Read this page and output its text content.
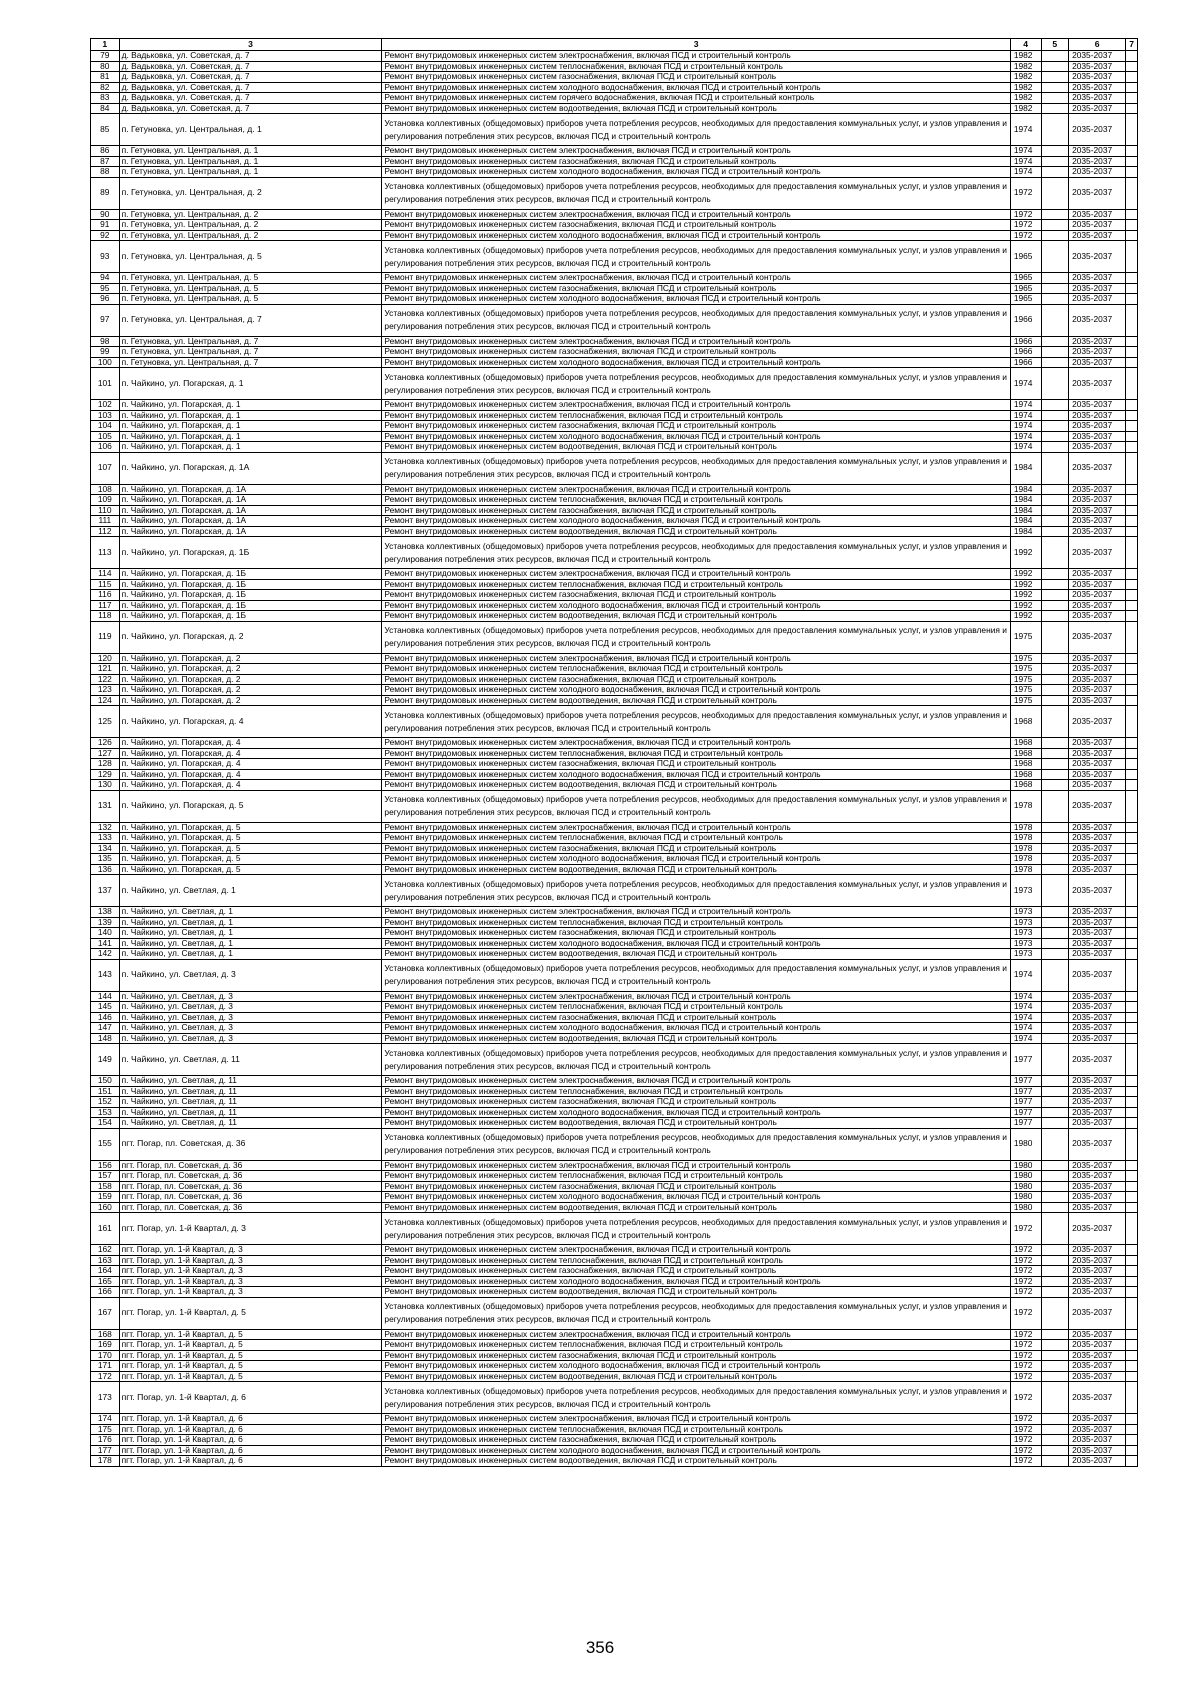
1	3	3	4	5	6	7
79	д. Вадьковка, ул. Советская, д. 7	Ремонт внутридомовых инженерных систем электроснабжения, включая ПСД и строительный контроль	1982		2035-2037	
80	д. Вадьковка, ул. Советская, д. 7	Ремонт внутридомовых инженерных систем теплоснабжения, включая ПСД и строительный контроль	1982		2035-2037	
81	д. Вадьковка, ул. Советская, д. 7	Ремонт внутридомовых инженерных систем газоснабжения, включая ПСД и строительный контроль	1982		2035-2037	
82	д. Вадьковка, ул. Советская, д. 7	Ремонт внутридомовых инженерных систем холодного водоснабжения, включая ПСД и строительный контроль	1982		2035-2037	
83	д. Вадьковка, ул. Советская, д. 7	Ремонт внутридомовых инженерных систем горячего водоснабжения, включая ПСД и строительный контроль	1982		2035-2037	
84	д. Вадьковка, ул. Советская, д. 7	Ремонт внутридомовых инженерных систем водоотведения, включая ПСД и строительный контроль	1982		2035-2037	
85	п. Гетуновка, ул. Центральная, д. 1	Установка коллективных (общедомовых) приборов учета потребления ресурсов, необходимых для предоставления коммунальных услуг, и узлов управления и регулирования потребления этих ресурсов, включая ПСД и строительный контроль	1974		2035-2037	
86	п. Гетуновка, ул. Центральная, д. 1	Ремонт внутридомовых инженерных систем электроснабжения, включая ПСД и строительный контроль	1974		2035-2037	
87	п. Гетуновка, ул. Центральная, д. 1	Ремонт внутридомовых инженерных систем газоснабжения, включая ПСД и строительный контроль	1974		2035-2037	
88	п. Гетуновка, ул. Центральная, д. 1	Ремонт внутридомовых инженерных систем холодного водоснабжения, включая ПСД и строительный контроль	1974		2035-2037	
89	п. Гетуновка, ул. Центральная, д. 2	Установка коллективных (общедомовых) приборов учета потребления ресурсов, необходимых для предоставления коммунальных услуг, и узлов управления и регулирования потребления этих ресурсов, включая ПСД и строительный контроль	1972		2035-2037	
90	п. Гетуновка, ул. Центральная, д. 2	Ремонт внутридомовых инженерных систем электроснабжения, включая ПСД и строительный контроль	1972		2035-2037	
91	п. Гетуновка, ул. Центральная, д. 2	Ремонт внутридомовых инженерных систем газоснабжения, включая ПСД и строительный контроль	1972		2035-2037	
92	п. Гетуновка, ул. Центральная, д. 2	Ремонт внутридомовых инженерных систем холодного водоснабжения, включая ПСД и строительный контроль	1972		2035-2037	
93	п. Гетуновка, ул. Центральная, д. 5	Установка коллективных (общедомовых) приборов учета потребления ресурсов, необходимых для предоставления коммунальных услуг, и узлов управления и регулирования потребления этих ресурсов, включая ПСД и строительный контроль	1965		2035-2037	
94	п. Гетуновка, ул. Центральная, д. 5	Ремонт внутридомовых инженерных систем электроснабжения, включая ПСД и строительный контроль	1965		2035-2037	
95	п. Гетуновка, ул. Центральная, д. 5	Ремонт внутридомовых инженерных систем газоснабжения, включая ПСД и строительный контроль	1965		2035-2037	
96	п. Гетуновка, ул. Центральная, д. 5	Ремонт внутридомовых инженерных систем холодного водоснабжения, включая ПСД и строительный контроль	1965		2035-2037	
97	п. Гетуновка, ул. Центральная, д. 7	Установка коллективных (общедомовых) приборов учета потребления ресурсов, необходимых для предоставления коммунальных услуг, и узлов управления и регулирования потребления этих ресурсов, включая ПСД и строительный контроль	1966		2035-2037	
98	п. Гетуновка, ул. Центральная, д. 7	Ремонт внутридомовых инженерных систем электроснабжения, включая ПСД и строительный контроль	1966		2035-2037	
99	п. Гетуновка, ул. Центральная, д. 7	Ремонт внутридомовых инженерных систем газоснабжения, включая ПСД и строительный контроль	1966		2035-2037	
100	п. Гетуновка, ул. Центральная, д. 7	Ремонт внутридомовых инженерных систем холодного водоснабжения, включая ПСД и строительный контроль	1966		2035-2037	
101	п. Чайкино, ул. Погарская, д. 1	Установка коллективных (общедомовых) приборов учета потребления ресурсов, необходимых для предоставления коммунальных услуг, и узлов управления и регулирования потребления этих ресурсов, включая ПСД и строительный контроль	1974		2035-2037	
102	п. Чайкино, ул. Погарская, д. 1	Ремонт внутридомовых инженерных систем электроснабжения, включая ПСД и строительный контроль	1974		2035-2037	
103	п. Чайкино, ул. Погарская, д. 1	Ремонт внутридомовых инженерных систем теплоснабжения, включая ПСД и строительный контроль	1974		2035-2037	
104	п. Чайкино, ул. Погарская, д. 1	Ремонт внутридомовых инженерных систем газоснабжения, включая ПСД и строительный контроль	1974		2035-2037	
105	п. Чайкино, ул. Погарская, д. 1	Ремонт внутридомовых инженерных систем холодного водоснабжения, включая ПСД и строительный контроль	1974		2035-2037	
106	п. Чайкино, ул. Погарская, д. 1	Ремонт внутридомовых инженерных систем водоотведения, включая ПСД и строительный контроль	1974		2035-2037	
107	п. Чайкино, ул. Погарская, д. 1А	Установка коллективных (общедомовых) приборов учета потребления ресурсов, необходимых для предоставления коммунальных услуг, и узлов управления и регулирования потребления этих ресурсов, включая ПСД и строительный контроль	1984		2035-2037	
108	п. Чайкино, ул. Погарская, д. 1А	Ремонт внутридомовых инженерных систем электроснабжения, включая ПСД и строительный контроль	1984		2035-2037	
109	п. Чайкино, ул. Погарская, д. 1А	Ремонт внутридомовых инженерных систем теплоснабжения, включая ПСД и строительный контроль	1984		2035-2037	
110	п. Чайкино, ул. Погарская, д. 1А	Ремонт внутридомовых инженерных систем газоснабжения, включая ПСД и строительный контроль	1984		2035-2037	
111	п. Чайкино, ул. Погарская, д. 1А	Ремонт внутридомовых инженерных систем холодного водоснабжения, включая ПСД и строительный контроль	1984		2035-2037	
112	п. Чайкино, ул. Погарская, д. 1А	Ремонт внутридомовых инженерных систем водоотведения, включая ПСД и строительный контроль	1984		2035-2037	
113	п. Чайкино, ул. Погарская, д. 1Б	Установка коллективных (общедомовых) приборов учета потребления ресурсов, необходимых для предоставления коммунальных услуг, и узлов управления и регулирования потребления этих ресурсов, включая ПСД и строительный контроль	1992		2035-2037	
114	п. Чайкино, ул. Погарская, д. 1Б	Ремонт внутридомовых инженерных систем электроснабжения, включая ПСД и строительный контроль	1992		2035-2037	
115	п. Чайкино, ул. Погарская, д. 1Б	Ремонт внутридомовых инженерных систем теплоснабжения, включая ПСД и строительный контроль	1992		2035-2037	
116	п. Чайкино, ул. Погарская, д. 1Б	Ремонт внутридомовых инженерных систем газоснабжения, включая ПСД и строительный контроль	1992		2035-2037	
117	п. Чайкино, ул. Погарская, д. 1Б	Ремонт внутридомовых инженерных систем холодного водоснабжения, включая ПСД и строительный контроль	1992		2035-2037	
118	п. Чайкино, ул. Погарская, д. 1Б	Ремонт внутридомовых инженерных систем водоотведения, включая ПСД и строительный контроль	1992		2035-2037	
119	п. Чайкино, ул. Погарская, д. 2	Установка коллективных (общедомовых) приборов учета потребления ресурсов, необходимых для предоставления коммунальных услуг, и узлов управления и регулирования потребления этих ресурсов, включая ПСД и строительный контроль	1975		2035-2037	
120	п. Чайкино, ул. Погарская, д. 2	Ремонт внутридомовых инженерных систем электроснабжения, включая ПСД и строительный контроль	1975		2035-2037	
121	п. Чайкино, ул. Погарская, д. 2	Ремонт внутридомовых инженерных систем теплоснабжения, включая ПСД и строительный контроль	1975		2035-2037	
122	п. Чайкино, ул. Погарская, д. 2	Ремонт внутридомовых инженерных систем газоснабжения, включая ПСД и строительный контроль	1975		2035-2037	
123	п. Чайкино, ул. Погарская, д. 2	Ремонт внутридомовых инженерных систем холодного водоснабжения, включая ПСД и строительный контроль	1975		2035-2037	
124	п. Чайкино, ул. Погарская, д. 2	Ремонт внутридомовых инженерных систем водоотведения, включая ПСД и строительный контроль	1975		2035-2037	
125	п. Чайкино, ул. Погарская, д. 4	Установка коллективных (общедомовых) приборов учета потребления ресурсов, необходимых для предоставления коммунальных услуг, и узлов управления и регулирования потребления этих ресурсов, включая ПСД и строительный контроль	1968		2035-2037	
126	п. Чайкино, ул. Погарская, д. 4	Ремонт внутридомовых инженерных систем электроснабжения, включая ПСД и строительный контроль	1968		2035-2037	
127	п. Чайкино, ул. Погарская, д. 4	Ремонт внутридомовых инженерных систем теплоснабжения, включая ПСД и строительный контроль	1968		2035-2037	
128	п. Чайкино, ул. Погарская, д. 4	Ремонт внутридомовых инженерных систем газоснабжения, включая ПСД и строительный контроль	1968		2035-2037	
129	п. Чайкино, ул. Погарская, д. 4	Ремонт внутридомовых инженерных систем холодного водоснабжения, включая ПСД и строительный контроль	1968		2035-2037	
130	п. Чайкино, ул. Погарская, д. 4	Ремонт внутридомовых инженерных систем водоотведения, включая ПСД и строительный контроль	1968		2035-2037	
131	п. Чайкино, ул. Погарская, д. 5	Установка коллективных (общедомовых) приборов учета потребления ресурсов, необходимых для предоставления коммунальных услуг, и узлов управления и регулирования потребления этих ресурсов, включая ПСД и строительный контроль	1978		2035-2037	
132	п. Чайкино, ул. Погарская, д. 5	Ремонт внутридомовых инженерных систем электроснабжения, включая ПСД и строительный контроль	1978		2035-2037	
133	п. Чайкино, ул. Погарская, д. 5	Ремонт внутридомовых инженерных систем теплоснабжения, включая ПСД и строительный контроль	1978		2035-2037	
134	п. Чайкино, ул. Погарская, д. 5	Ремонт внутридомовых инженерных систем газоснабжения, включая ПСД и строительный контроль	1978		2035-2037	
135	п. Чайкино, ул. Погарская, д. 5	Ремонт внутридомовых инженерных систем холодного водоснабжения, включая ПСД и строительный контроль	1978		2035-2037	
136	п. Чайкино, ул. Погарская, д. 5	Ремонт внутридомовых инженерных систем водоотведения, включая ПСД и строительный контроль	1978		2035-2037	
137	п. Чайкино, ул. Светлая, д. 1	Установка коллективных (общедомовых) приборов учета потребления ресурсов, необходимых для предоставления коммунальных услуг, и узлов управления и регулирования потребления этих ресурсов, включая ПСД и строительный контроль	1973		2035-2037	
138	п. Чайкино, ул. Светлая, д. 1	Ремонт внутридомовых инженерных систем электроснабжения, включая ПСД и строительный контроль	1973		2035-2037	
139	п. Чайкино, ул. Светлая, д. 1	Ремонт внутридомовых инженерных систем теплоснабжения, включая ПСД и строительный контроль	1973		2035-2037	
140	п. Чайкино, ул. Светлая, д. 1	Ремонт внутридомовых инженерных систем газоснабжения, включая ПСД и строительный контроль	1973		2035-2037	
141	п. Чайкино, ул. Светлая, д. 1	Ремонт внутридомовых инженерных систем холодного водоснабжения, включая ПСД и строительный контроль	1973		2035-2037	
142	п. Чайкино, ул. Светлая, д. 1	Ремонт внутридомовых инженерных систем водоотведения, включая ПСД и строительный контроль	1973		2035-2037	
143	п. Чайкино, ул. Светлая, д. 3	Установка коллективных (общедомовых) приборов учета потребления ресурсов, необходимых для предоставления коммунальных услуг, и узлов управления и регулирования потребления этих ресурсов, включая ПСД и строительный контроль	1974		2035-2037	
144	п. Чайкино, ул. Светлая, д. 3	Ремонт внутридомовых инженерных систем электроснабжения, включая ПСД и строительный контроль	1974		2035-2037	
145	п. Чайкино, ул. Светлая, д. 3	Ремонт внутридомовых инженерных систем теплоснабжения, включая ПСД и строительный контроль	1974		2035-2037	
146	п. Чайкино, ул. Светлая, д. 3	Ремонт внутридомовых инженерных систем газоснабжения, включая ПСД и строительный контроль	1974		2035-2037	
147	п. Чайкино, ул. Светлая, д. 3	Ремонт внутридомовых инженерных систем холодного водоснабжения, включая ПСД и строительный контроль	1974		2035-2037	
148	п. Чайкино, ул. Светлая, д. 3	Ремонт внутридомовых инженерных систем водоотведения, включая ПСД и строительный контроль	1974		2035-2037	
149	п. Чайкино, ул. Светлая, д. 11	Установка коллективных (общедомовых) приборов учета потребления ресурсов, необходимых для предоставления коммунальных услуг, и узлов управления и регулирования потребления этих ресурсов, включая ПСД и строительный контроль	1977		2035-2037	
150	п. Чайкино, ул. Светлая, д. 11	Ремонт внутридомовых инженерных систем электроснабжения, включая ПСД и строительный контроль	1977		2035-2037	
151	п. Чайкино, ул. Светлая, д. 11	Ремонт внутридомовых инженерных систем теплоснабжения, включая ПСД и строительный контроль	1977		2035-2037	
152	п. Чайкино, ул. Светлая, д. 11	Ремонт внутридомовых инженерных систем газоснабжения, включая ПСД и строительный контроль	1977		2035-2037	
153	п. Чайкино, ул. Светлая, д. 11	Ремонт внутридомовых инженерных систем холодного водоснабжения, включая ПСД и строительный контроль	1977		2035-2037	
154	п. Чайкино, ул. Светлая, д. 11	Ремонт внутридомовых инженерных систем водоотведения, включая ПСД и строительный контроль	1977		2035-2037	
155	пгт. Погар, пл. Советская, д. 36	Установка коллективных (общедомовых) приборов учета потребления ресурсов, необходимых для предоставления коммунальных услуг, и узлов управления и регулирования потребления этих ресурсов, включая ПСД и строительный контроль	1980		2035-2037	
156	пгт. Погар, пл. Советская, д. 36	Ремонт внутридомовых инженерных систем электроснабжения, включая ПСД и строительный контроль	1980		2035-2037	
157	пгт. Погар, пл. Советская, д. 36	Ремонт внутридомовых инженерных систем теплоснабжения, включая ПСД и строительный контроль	1980		2035-2037	
158	пгт. Погар, пл. Советская, д. 36	Ремонт внутридомовых инженерных систем газоснабжения, включая ПСД и строительный контроль	1980		2035-2037	
159	пгт. Погар, пл. Советская, д. 36	Ремонт внутридомовых инженерных систем холодного водоснабжения, включая ПСД и строительный контроль	1980		2035-2037	
160	пгт. Погар, пл. Советская, д. 36	Ремонт внутридомовых инженерных систем водоотведения, включая ПСД и строительный контроль	1980		2035-2037	
161	пгт. Погар, ул. 1-й Квартал, д. 3	Установка коллективных (общедомовых) приборов учета потребления ресурсов, необходимых для предоставления коммунальных услуг, и узлов управления и регулирования потребления этих ресурсов, включая ПСД и строительный контроль	1972		2035-2037	
162	пгт. Погар, ул. 1-й Квартал, д. 3	Ремонт внутридомовых инженерных систем электроснабжения, включая ПСД и строительный контроль	1972		2035-2037	
163	пгт. Погар, ул. 1-й Квартал, д. 3	Ремонт внутридомовых инженерных систем теплоснабжения, включая ПСД и строительный контроль	1972		2035-2037	
164	пгт. Погар, ул. 1-й Квартал, д. 3	Ремонт внутридомовых инженерных систем газоснабжения, включая ПСД и строительный контроль	1972		2035-2037	
165	пгт. Погар, ул. 1-й Квартал, д. 3	Ремонт внутридомовых инженерных систем холодного водоснабжения, включая ПСД и строительный контроль	1972		2035-2037	
166	пгт. Погар, ул. 1-й Квартал, д. 3	Ремонт внутридомовых инженерных систем водоотведения, включая ПСД и строительный контроль	1972		2035-2037	
167	пгт. Погар, ул. 1-й Квартал, д. 5	Установка коллективных (общедомовых) приборов учета потребления ресурсов, необходимых для предоставления коммунальных услуг, и узлов управления и регулирования потребления этих ресурсов, включая ПСД и строительный контроль	1972		2035-2037	
168	пгт. Погар, ул. 1-й Квартал, д. 5	Ремонт внутридомовых инженерных систем электроснабжения, включая ПСД и строительный контроль	1972		2035-2037	
169	пгт. Погар, ул. 1-й Квартал, д. 5	Ремонт внутридомовых инженерных систем теплоснабжения, включая ПСД и строительный контроль	1972		2035-2037	
170	пгт. Погар, ул. 1-й Квартал, д. 5	Ремонт внутридомовых инженерных систем газоснабжения, включая ПСД и строительный контроль	1972		2035-2037	
171	пгт. Погар, ул. 1-й Квартал, д. 5	Ремонт внутридомовых инженерных систем холодного водоснабжения, включая ПСД и строительный контроль	1972		2035-2037	
172	пгт. Погар, ул. 1-й Квартал, д. 5	Ремонт внутридомовых инженерных систем водоотведения, включая ПСД и строительный контроль	1972		2035-2037	
173	пгт. Погар, ул. 1-й Квартал, д. 6	Установка коллективных (общедомовых) приборов учета потребления ресурсов, необходимых для предоставления коммунальных услуг, и узлов управления и регулирования потребления этих ресурсов, включая ПСД и строительный контроль	1972		2035-2037	
174	пгт. Погар, ул. 1-й Квартал, д. 6	Ремонт внутридомовых инженерных систем электроснабжения, включая ПСД и строительный контроль	1972		2035-2037	
175	пгт. Погар, ул. 1-й Квартал, д. 6	Ремонт внутридомовых инженерных систем теплоснабжения, включая ПСД и строительный контроль	1972		2035-2037	
176	пгт. Погар, ул. 1-й Квартал, д. 6	Ремонт внутридомовых инженерных систем газоснабжения, включая ПСД и строительный контроль	1972		2035-2037	
177	пгт. Погар, ул. 1-й Квартал, д. 6	Ремонт внутридомовых инженерных систем холодного водоснабжения, включая ПСД и строительный контроль	1972		2035-2037	
178	пгт. Погар, ул. 1-й Квартал, д. 6	Ремонт внутридомовых инженерных систем водоотведения, включая ПСД и строительный контроль	1972		2035-2037	
356
